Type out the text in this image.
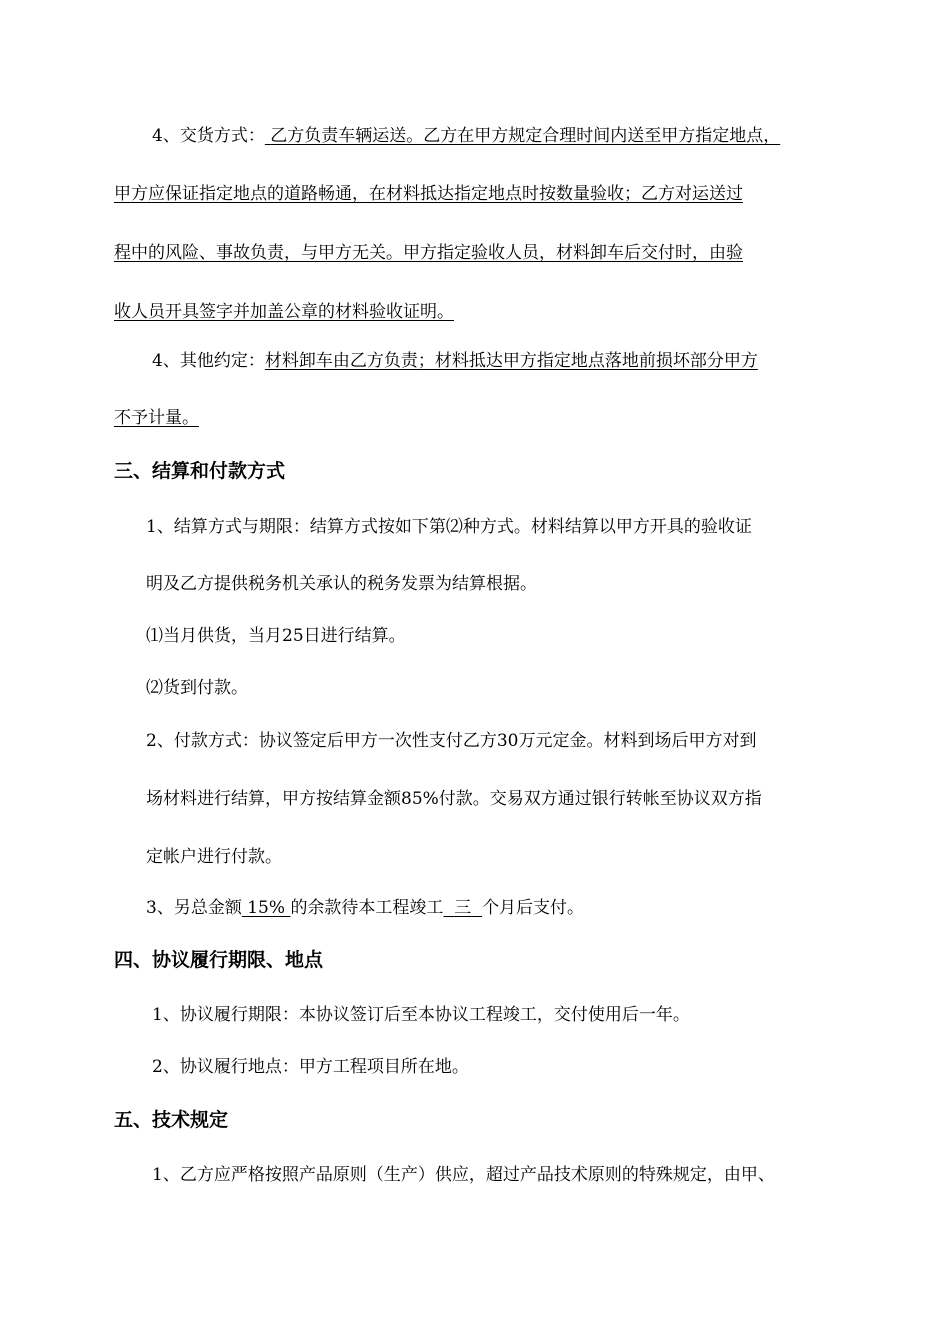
4、交货方式： 乙方负责车辆运送。乙方在甲方规定合理时间内送至甲方指定地点，

甲方应保证指定地点的道路畅通，在材料抵达指定地点时按数量验收；乙方对运送过

程中的风险、事故负责，与甲方无关。甲方指定验收人员，材料卸车后交付时，由验

收人员开具签字并加盖公章的材料验收证明。

4、其他约定：材料卸车由乙方负责；材料抵达甲方指定地点落地前损坏部分甲方

不予计量。

三、结算和付款方式

1、结算方式与期限：结算方式按如下第⑵种方式。材料结算以甲方开具的验收证

明及乙方提供税务机关承认的税务发票为结算根据。

⑴当月供货，当月25日进行结算。

⑵货到付款。

2、付款方式：协议签定后甲方一次性支付乙方30万元定金。材料到场后甲方对到

场材料进行结算，甲方按结算金额85%付款。交易双方通过银行转帐至协议双方指

定帐户进行付款。

3、另总金额 15% 的余款待本工程竣工 三 个月后支付。

四、协议履行期限、地点

1、协议履行期限：本协议签订后至本协议工程竣工，交付使用后一年。

2、协议履行地点：甲方工程项目所在地。

五、技术规定

1、乙方应严格按照产品原则（生产）供应，超过产品技术原则的特殊规定，由甲、
